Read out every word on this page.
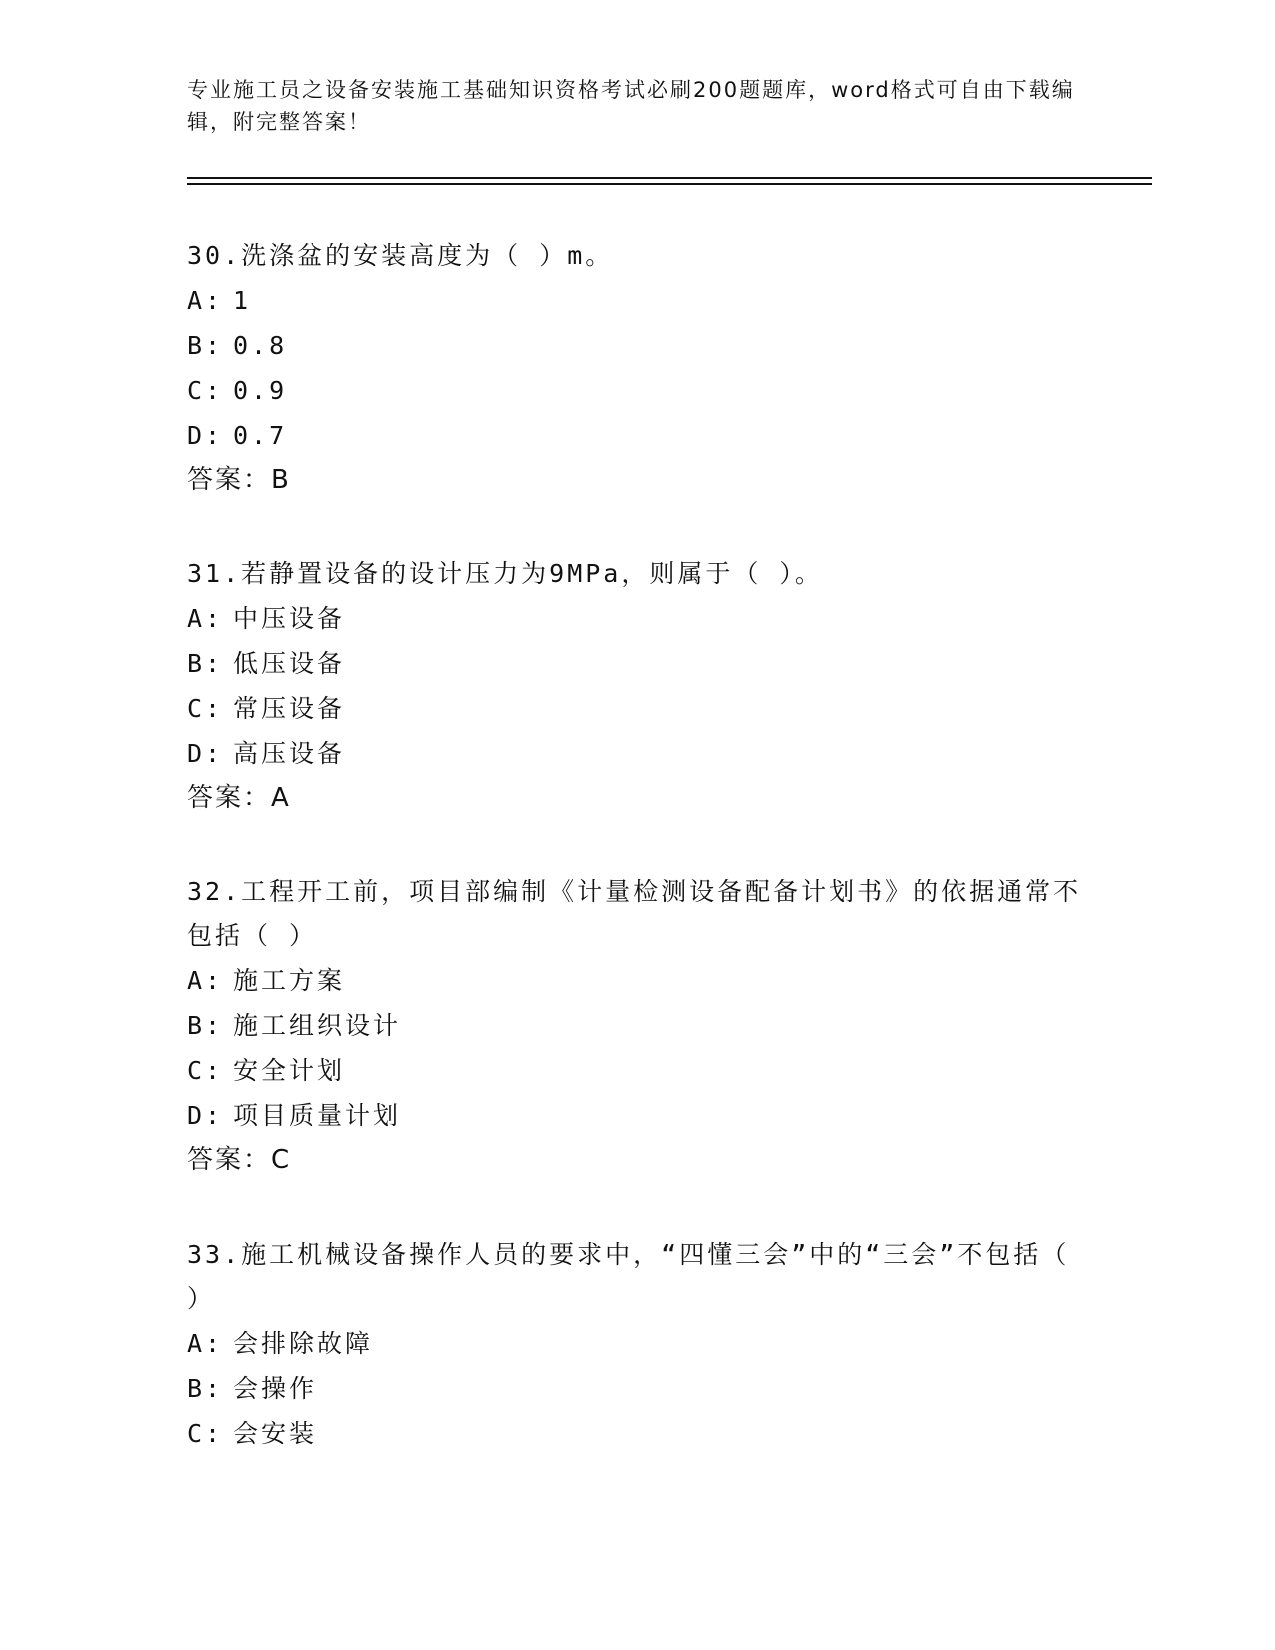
专业施工员之设备安装施工基础知识资格考试必刷200题题库，word格式可自由下载编辑，附完整答案！

30.洗涤盆的安装高度为（ ）m。

A: 1
B: 0.8
C: 0.9
D: 0.7
答案：B

31.若静置设备的设计压力为9MPa，则属于（ ）。

A: 中压设备
B: 低压设备
C: 常压设备
D: 高压设备
答案：A

32.工程开工前，项目部编制《计量检测设备配备计划书》的依据通常不包括（ ）

A: 施工方案
B: 施工组织设计
C: 安全计划
D: 项目质量计划
答案：C

33.施工机械设备操作人员的要求中，“四懂三会”中的“三会”不包括（ ）

A: 会排除故障
B: 会操作
C: 会安装
